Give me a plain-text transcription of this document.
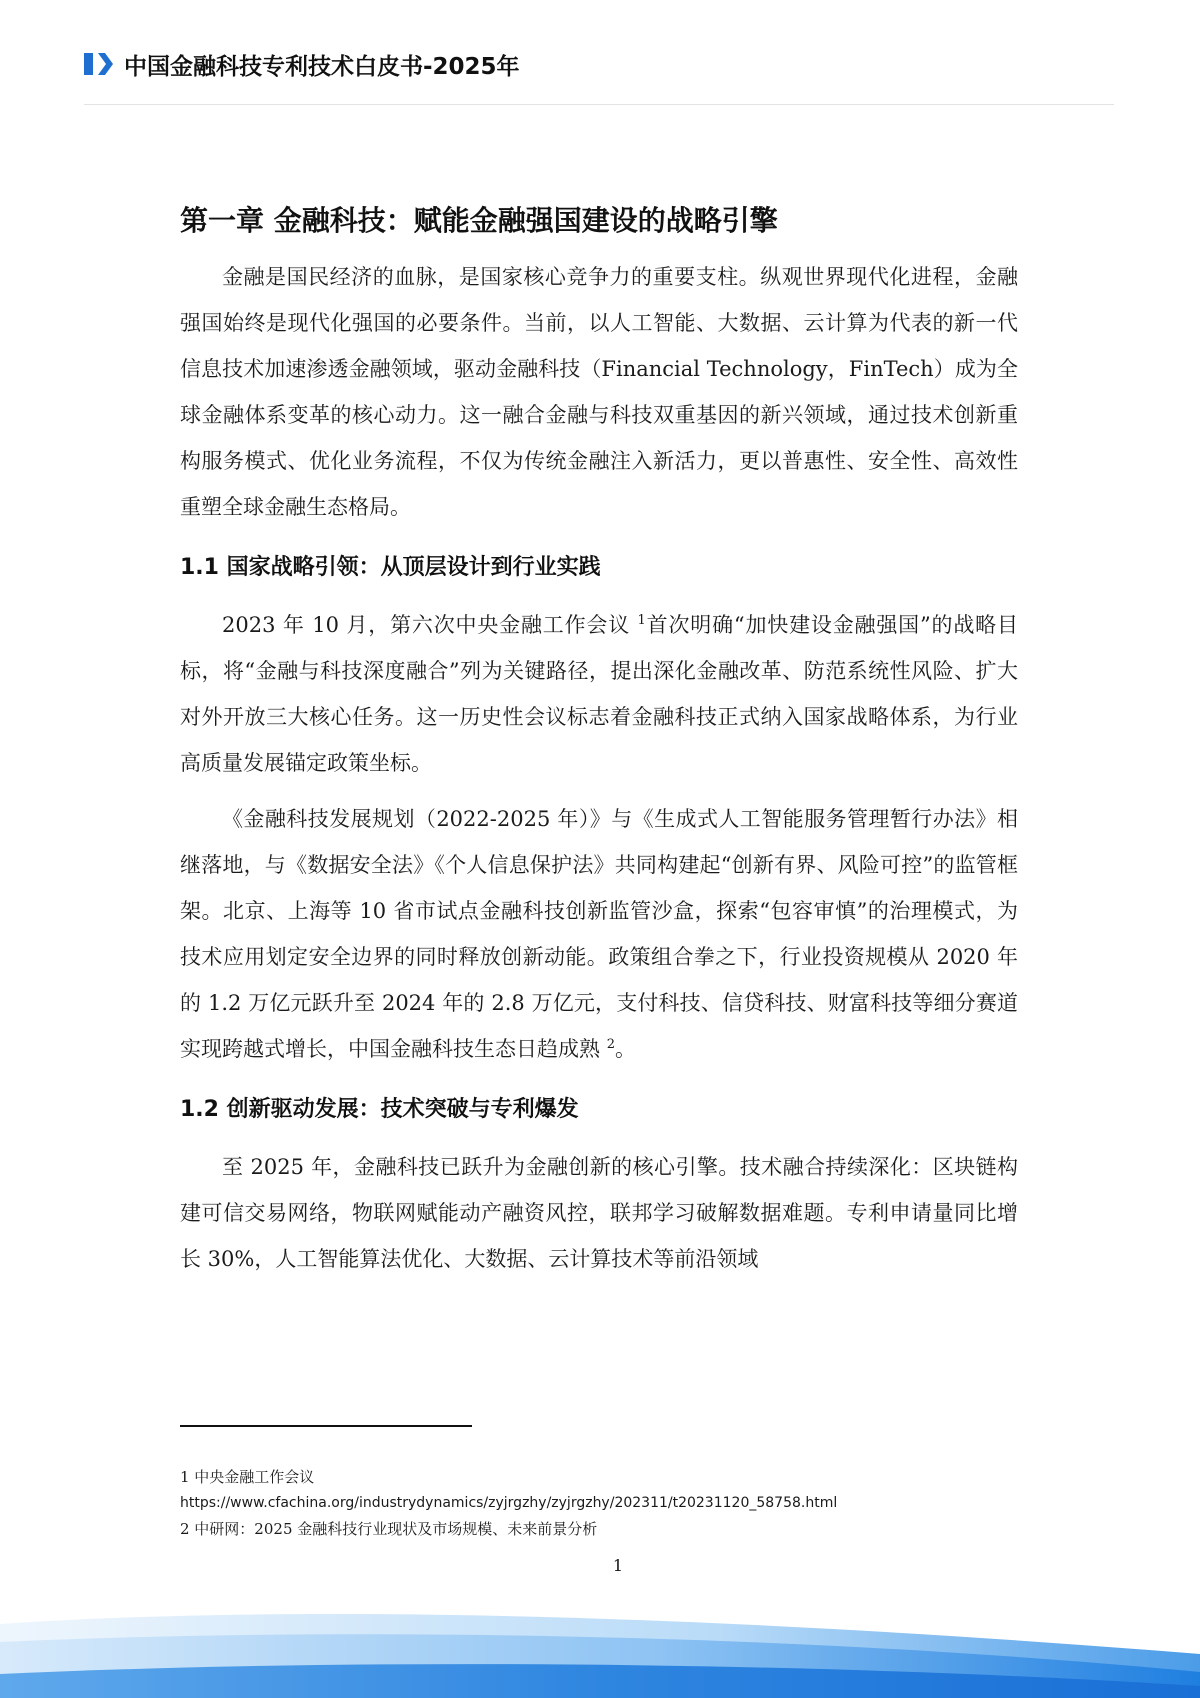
中国金融科技专利技术白皮书-2025年
第一章 金融科技：赋能金融强国建设的战略引擎

金融是国民经济的血脉，是国家核心竞争力的重要支柱。纵观世界现代化进程，金融强国始终是现代化强国的必要条件。当前，以人工智能、大数据、云计算为代表的新一代信息技术加速渗透金融领域，驱动金融科技（Financial Technology，FinTech）成为全球金融体系变革的核心动力。这一融合金融与科技双重基因的新兴领域，通过技术创新重构服务模式、优化业务流程，不仅为传统金融注入新活力，更以普惠性、安全性、高效性重塑全球金融生态格局。

1.1 国家战略引领：从顶层设计到行业实践

2023 年 10 月，第六次中央金融工作会议 $^1$首次明确“加快建设金融强国”的战略目标，将“金融与科技深度融合”列为关键路径，提出深化金融改革、防范系统性风险、扩大对外开放三大核心任务。这一历史性会议标志着金融科技正式纳入国家战略体系，为行业高质量发展锚定政策坐标。

《金融科技发展规划（2022-2025 年）》与《生成式人工智能服务管理暂行办法》相继落地，与《数据安全法》《个人信息保护法》共同构建起“创新有界、风险可控”的监管框架。北京、上海等 10 省市试点金融科技创新监管沙盒，探索“包容审慎”的治理模式，为技术应用划定安全边界的同时释放创新动能。政策组合拳之下，行业投资规模从 2020 年的 1.2 万亿元跃升至 2024 年的 2.8 万亿元，支付科技、信贷科技、财富科技等细分赛道实现跨越式增长，中国金融科技生态日趋成熟 $^2$。

1.2 创新驱动发展：技术突破与专利爆发

至 2025 年，金融科技已跃升为金融创新的核心引擎。技术融合持续深化：区块链构建可信交易网络，物联网赋能动产融资风控，联邦学习破解数据难题。专利申请量同比增长 30%，人工智能算法优化、大数据、云计算技术等前沿领域

1 中央金融工作会议
https://www.cfachina.org/industrydynamics/zyjrgzhy/zyjrgzhy/202311/t20231120_58758.html
2 中研网：2025 金融科技行业现状及市场规模、未来前景分析
1
